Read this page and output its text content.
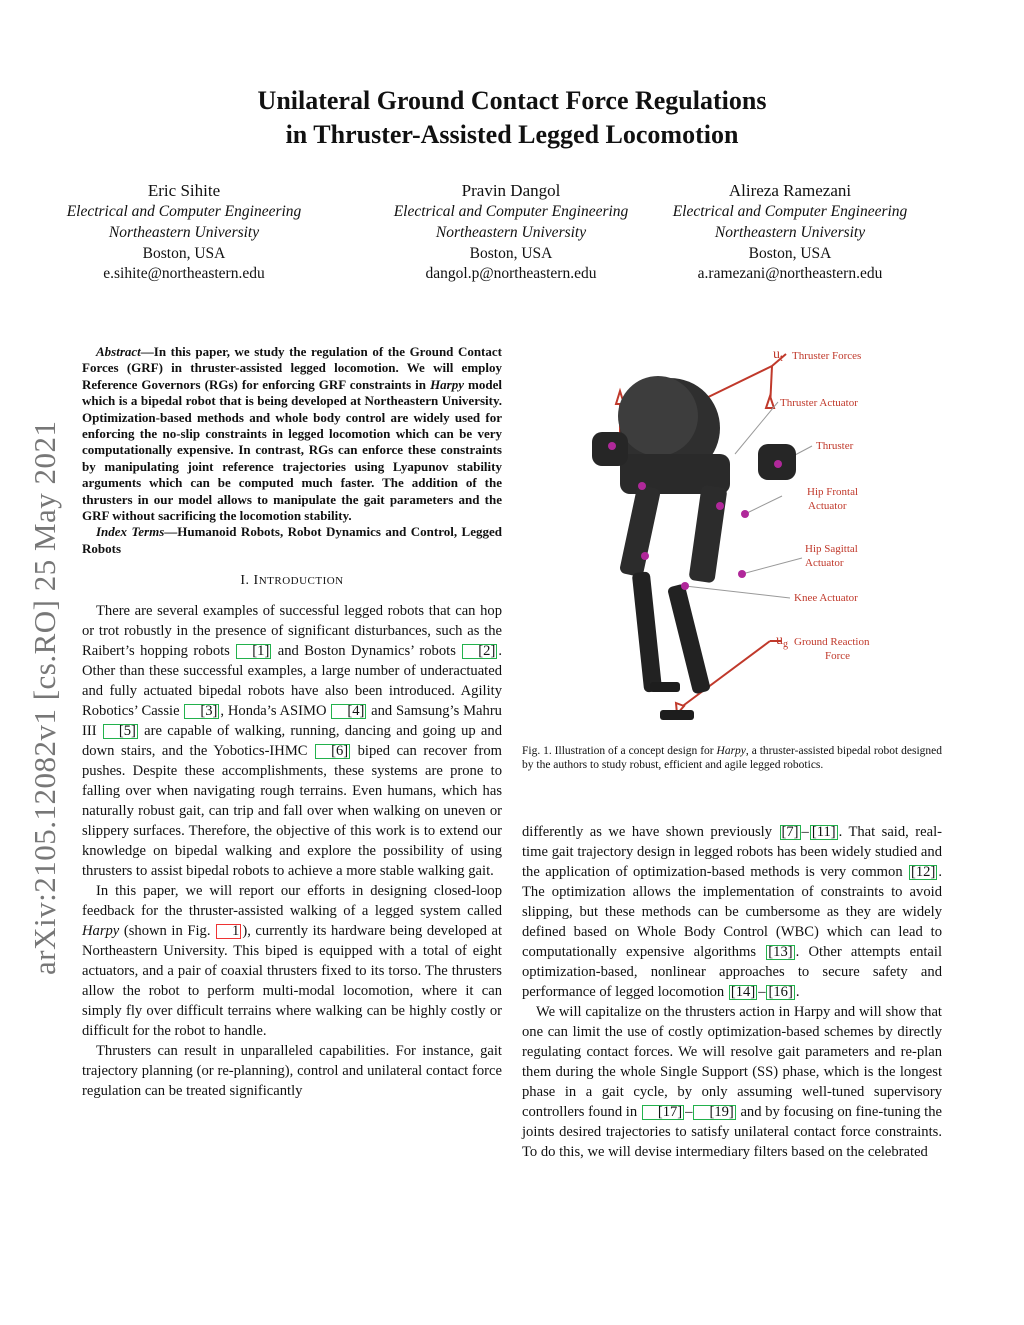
Unilateral Ground Contact Force Regulations
in Thruster-Assisted Legged Locomotion
Eric Sihite
Electrical and Computer Engineering
Northeastern University
Boston, USA
e.sihite@northeastern.edu
Pravin Dangol
Electrical and Computer Engineering
Northeastern University
Boston, USA
dangol.p@northeastern.edu
Alireza Ramezani
Electrical and Computer Engineering
Northeastern University
Boston, USA
a.ramezani@northeastern.edu
arXiv:2105.12082v1 [cs.RO] 25 May 2021

Abstract—In this paper, we study the regulation of the Ground Contact Forces (GRF) in thruster-assisted legged locomotion. We will employ Reference Governors (RGs) for enforcing GRF constraints in Harpy model which is a bipedal robot that is being developed at Northeastern University. Optimization-based methods and whole body control are widely used for enforcing the no-slip constraints in legged locomotion which can be very computationally expensive. In contrast, RGs can enforce these constraints by manipulating joint reference trajectories using Lyapunov stability arguments which can be computed much faster. The addition of the thrusters in our model allows to manipulate the gait parameters and the GRF without sacrificing the locomotion stability.

Index Terms—Humanoid Robots, Robot Dynamics and Control, Legged Robots

I. INTRODUCTION

There are several examples of successful legged robots that can hop or trot robustly in the presence of significant disturbances, such as the Raibert’s hopping robots [1] and Boston Dynamics’ robots [2] . Other than these successful examples, a large number of underactuated and fully actuated bipedal robots have also been introduced. Agility Robotics’ Cassie [3] , Honda’s ASIMO [4] and Samsung’s Mahru III [5] are capable of walking, running, dancing and going up and down stairs, and the Yobotics-IHMC [6] biped can recover from pushes. Despite these accomplishments, these systems are prone to falling over when navigating rough terrains. Even humans, which has naturally robust gait, can trip and fall over when walking on uneven or slippery surfaces. Therefore, the objective of this work is to extend our knowledge on bipedal walking and explore the possibility of using thrusters to assist bipedal robots to achieve a more stable walking gait.

In this paper, we will report our efforts in designing closed-loop feedback for the thruster-assisted walking of a legged system called Harpy (shown in Fig. 1 ), currently its hardware being developed at Northeastern University. This biped is equipped with a total of eight actuators, and a pair of coaxial thrusters fixed to its torso. The thrusters allow the robot to perform multi-modal locomotion, where it can simply fly over difficult terrains where walking can be highly costly or difficult for the robot to handle.

Thrusters can result in unparalleled capabilities. For instance, gait trajectory planning (or re-planning), control and unilateral contact force regulation can be treated significantly

$u_t$ Thruster Forces
Thruster Actuator
Thruster
Hip Frontal
Actuator
Hip Sagittal
Actuator
Knee Actuator
$u_g$ Ground Reaction
Force
Fig. 1. Illustration of a concept design for Harpy, a thruster-assisted bipedal robot designed by the authors to study robust, efficient and agile legged robotics.

differently as we have shown previously [7] – [11] . That said, real-time gait trajectory design in legged robots has been widely studied and the application of optimization-based methods is very common [12] . The optimization allows the implementation of constraints to avoid slipping, but these methods can be cumbersome as they are widely defined based on Whole Body Control (WBC) which can lead to computationally expensive algorithms [13] . Other attempts entail optimization-based, nonlinear approaches to secure safety and performance of legged locomotion [14] – [16] .

We will capitalize on the thrusters action in Harpy and will show that one can limit the use of costly optimization-based schemes by directly regulating contact forces. We will resolve gait parameters and re-plan them during the whole Single Support (SS) phase, which is the longest phase in a gait cycle, by only assuming well-tuned supervisory controllers found in [17] – [19] and by focusing on fine-tuning the joints desired trajectories to satisfy unilateral contact force constraints. To do this, we will devise intermediary filters based on the celebrated
